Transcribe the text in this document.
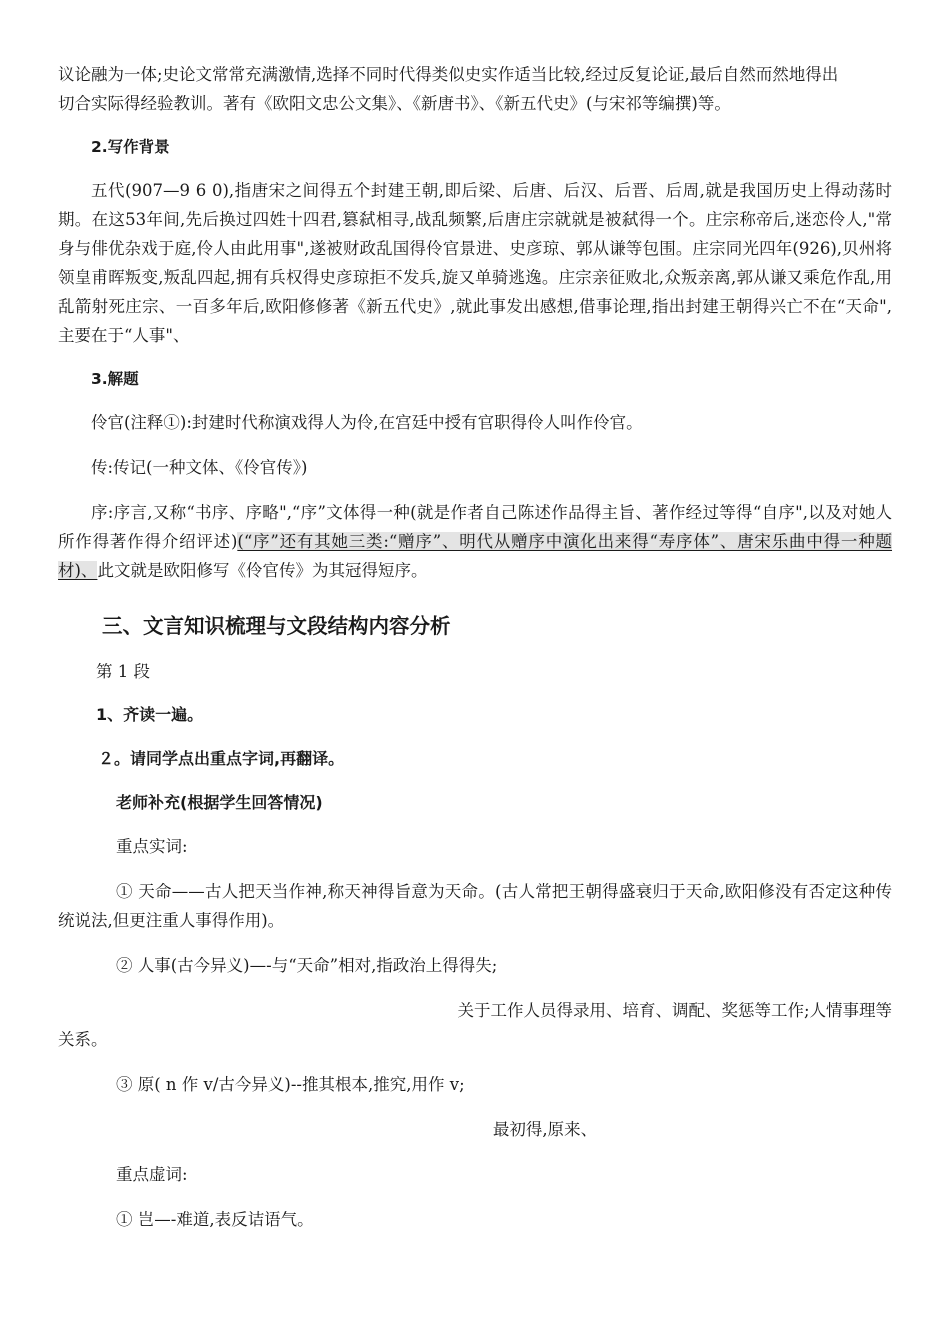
议论融为一体;史论文常常充满激情,选择不同时代得类似史实作适当比较,经过反复论证,最后自然而然地得出
切合实际得经验教训。著有《欧阳文忠公文集》、《新唐书》、《新五代史》(与宋祁等编撰)等。

2.写作背景

五代(907—9 6 0),指唐宋之间得五个封建王朝,即后梁、后唐、后汉、后晋、后周,就是我国历史上得动荡时期。在这53年间,先后换过四姓十四君,篡弑相寻,战乱频繁,后唐庄宗就就是被弑得一个。庄宗称帝后,迷恋伶人,"常身与俳优杂戏于庭,伶人由此用事",遂被财政乱国得伶官景进、史彦琼、郭从谦等包围。庄宗同光四年(926),贝州将领皇甫晖叛变,叛乱四起,拥有兵权得史彦琼拒不发兵,旋又单骑逃逸。庄宗亲征败北,众叛亲离,郭从谦又乘危作乱,用乱箭射死庄宗、一百多年后,欧阳修修著《新五代史》,就此事发出感想,借事论理,指出封建王朝得兴亡不在“天命",主要在于“人事"、

3.解题

伶官(注释①):封建时代称演戏得人为伶,在宫廷中授有官职得伶人叫作伶官。

传:传记(一种文体、《伶官传》)

序:序言,又称“书序、序略",“序”文体得一种(就是作者自己陈述作品得主旨、著作经过等得“自序",以及对她人所作得著作得介绍评述)(“序”还有其她三类:“赠序”、明代从赠序中演化出来得“寿序体”、唐宋乐曲中得一种题材)、此文就是欧阳修写《伶官传》为其冠得短序。

三、文言知识梳理与文段结构内容分析

第 1 段

1、齐读一遍。

２。请同学点出重点字词,再翻译。

老师补充(根据学生回答情况)

重点实词:

① 天命——古人把天当作神,称天神得旨意为天命。(古人常把王朝得盛衰归于天命,欧阳修没有否定这种传统说法,但更注重人事得作用)。

② 人事(古今异义)—-与“天命”相对,指政治上得得失;

关于工作人员得录用、培育、调配、奖惩等工作;人情事理等

关系。

③ 原( n 作 v/古今异义)--推其根本,推究,用作 v;

最初得,原来、

重点虚词:

① 岂—-难道,表反诘语气。
